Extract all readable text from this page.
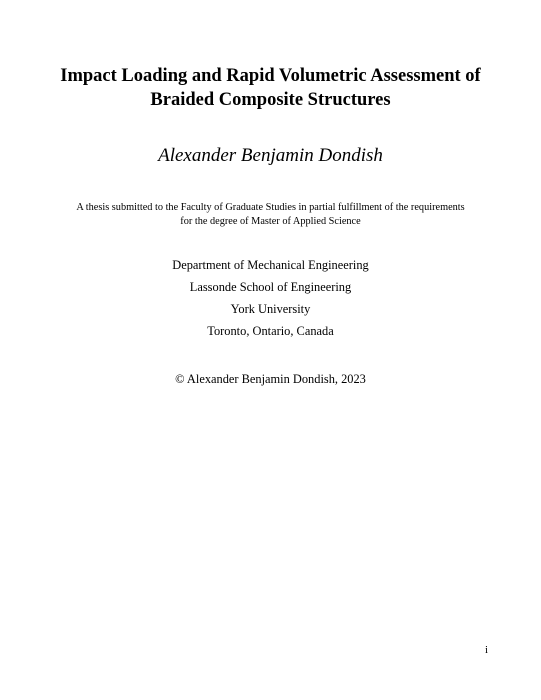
Impact Loading and Rapid Volumetric Assessment of
Braided Composite Structures
Alexander Benjamin Dondish
A thesis submitted to the Faculty of Graduate Studies in partial fulfillment of the requirements
for the degree of Master of Applied Science
Department of Mechanical Engineering
Lassonde School of Engineering
York University
Toronto, Ontario, Canada
© Alexander Benjamin Dondish, 2023
i
